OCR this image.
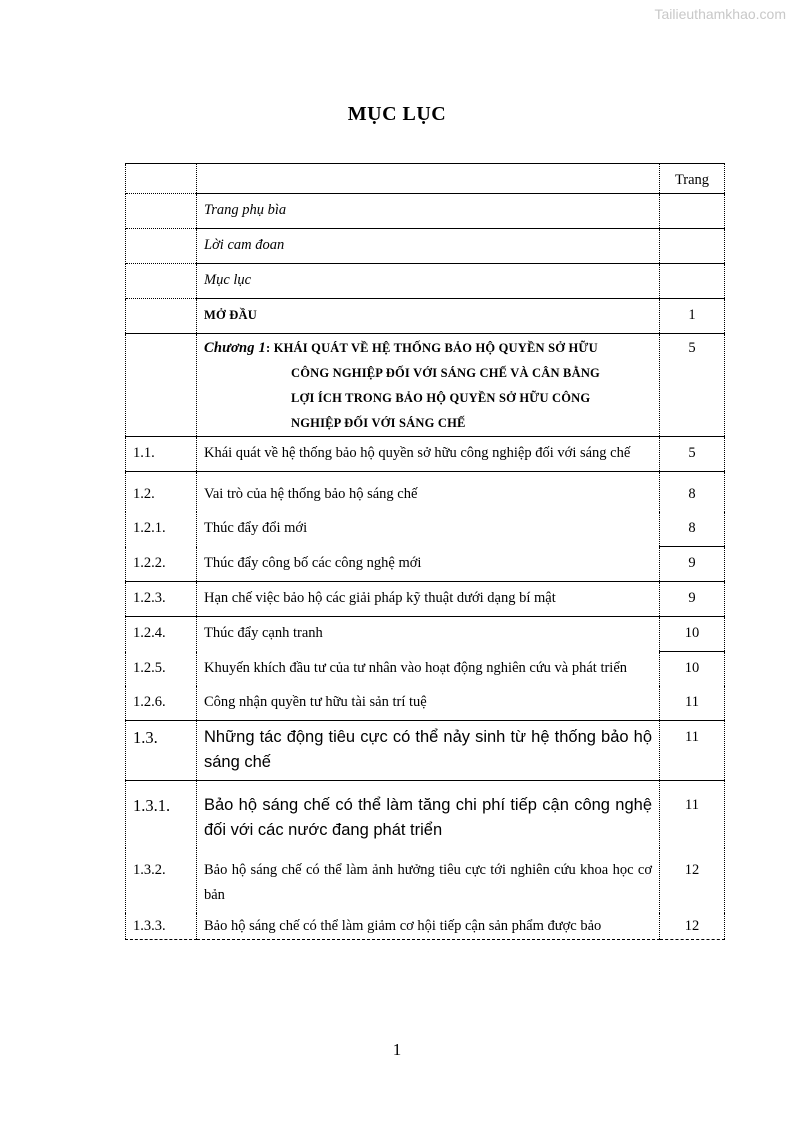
Tailieuthamkhao.com
MỤC LỤC
		Trang
	Trang phụ bìa	
	Lời cam đoan	
	Mục lục	
	MỞ ĐẦU	1

	Chương 1: KHÁI QUÁT VỀ HỆ THỐNG BẢO HỘ QUYỀN SỞ HỮU
CÔNG NGHIỆP ĐỐI VỚI SÁNG CHẾ VÀ CÂN BẰNG
LỢI ÍCH TRONG BẢO HỘ QUYỀN SỞ HỮU CÔNG
NGHIỆP ĐỐI VỚI SÁNG CHẾ	5
1.1.	Khái quát về hệ thống bảo hộ quyền sở hữu công nghiệp đối với sáng chế	5
1.2.	Vai trò của hệ thống bảo hộ sáng chế	8
1.2.1.	Thúc đẩy đổi mới	8
1.2.2.	Thúc đẩy công bố các công nghệ mới	9
1.2.3.	Hạn chế việc bảo hộ các giải pháp kỹ thuật dưới dạng bí mật	9
1.2.4.	Thúc đẩy cạnh tranh	10
1.2.5.	Khuyến khích đầu tư của tư nhân vào hoạt động nghiên cứu và phát triển	10
1.2.6.	Công nhận quyền tư hữu tài sản trí tuệ	11
1.3.	Những tác động tiêu cực có thể nảy sinh từ hệ thống bảo hộ sáng chế	11
1.3.1.	Bảo hộ sáng chế có thể làm tăng chi phí tiếp cận công nghệ đối với các nước đang phát triển	11
1.3.2.	Bảo hộ sáng chế có thể làm ảnh hưởng tiêu cực tới nghiên cứu khoa học cơ bản	12
1.3.3.	Bảo hộ sáng chế có thể làm giảm cơ hội tiếp cận sản phẩm được bảo	12
1
